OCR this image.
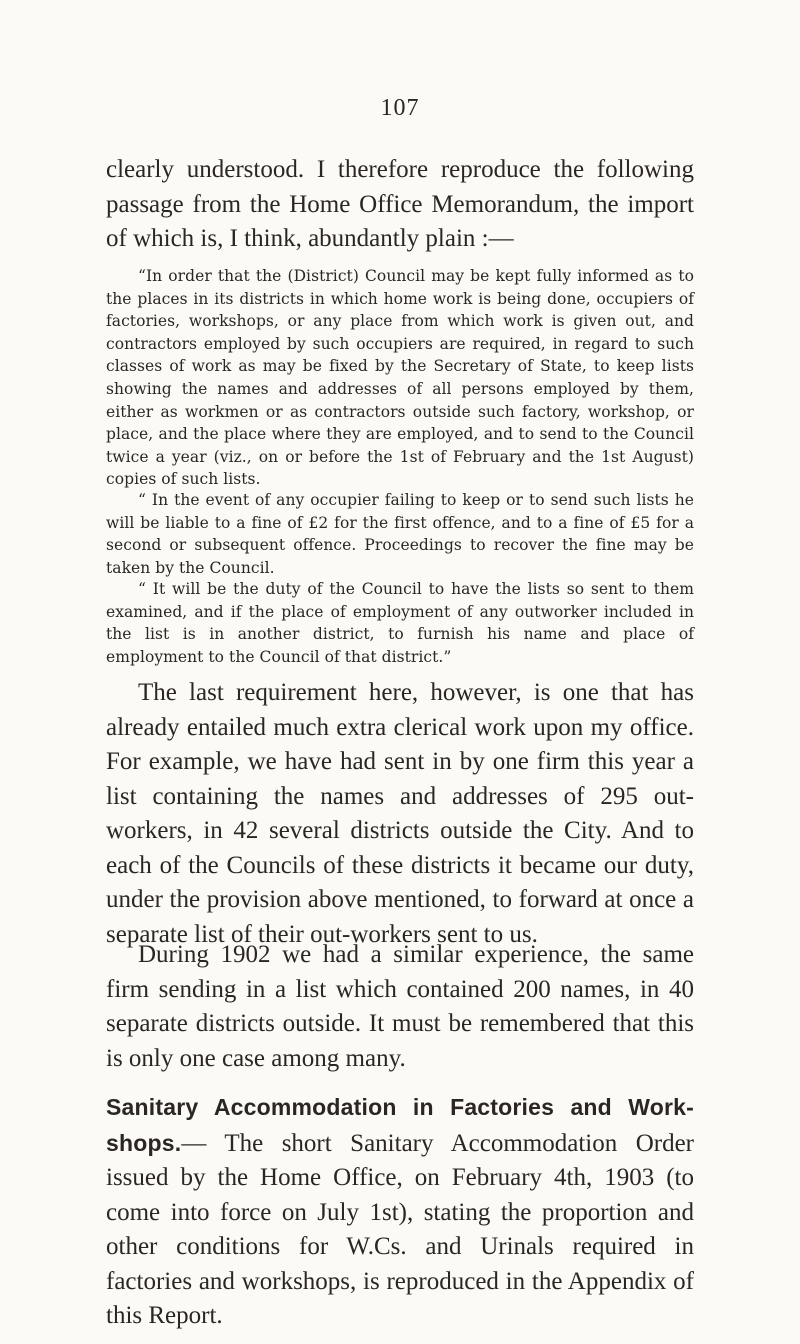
107

clearly understood. I therefore reproduce the following passage from the Home Office Memorandum, the import of which is, I think, abundantly plain :—

“In order that the (District) Council may be kept fully informed as to the places in its districts in which home work is being done, occupiers of factories, workshops, or any place from which work is given out, and contractors employed by such occupiers are required, in regard to such classes of work as may be fixed by the Secretary of State, to keep lists showing the names and addresses of all persons employed by them, either as workmen or as contractors outside such factory, workshop, or place, and the place where they are employed, and to send to the Council twice a year (viz., on or before the 1st of February and the 1st August) copies of such lists.

“ In the event of any occupier failing to keep or to send such lists he will be liable to a fine of £2 for the first offence, and to a fine of £5 for a second or subsequent offence. Proceedings to recover the fine may be taken by the Council.

“ It will be the duty of the Council to have the lists so sent to them examined, and if the place of employment of any outworker included in the list is in another district, to furnish his name and place of employment to the Council of that district.”

The last requirement here, however, is one that has already entailed much extra clerical work upon my office. For example, we have had sent in by one firm this year a list containing the names and addresses of 295 out-workers, in 42 several districts outside the City. And to each of the Councils of these districts it became our duty, under the provision above mentioned, to forward at once a separate list of their out-workers sent to us.

During 1902 we had a similar experience, the same firm sending in a list which contained 200 names, in 40 separate districts outside. It must be remembered that this is only one case among many.

Sanitary Accommodation in Factories and Work-shops.— The short Sanitary Accommodation Order issued by the Home Office, on February 4th, 1903 (to come into force on July 1st), stating the proportion and other conditions for W.Cs. and Urinals required in factories and workshops, is reproduced in the Appendix of this Report.
